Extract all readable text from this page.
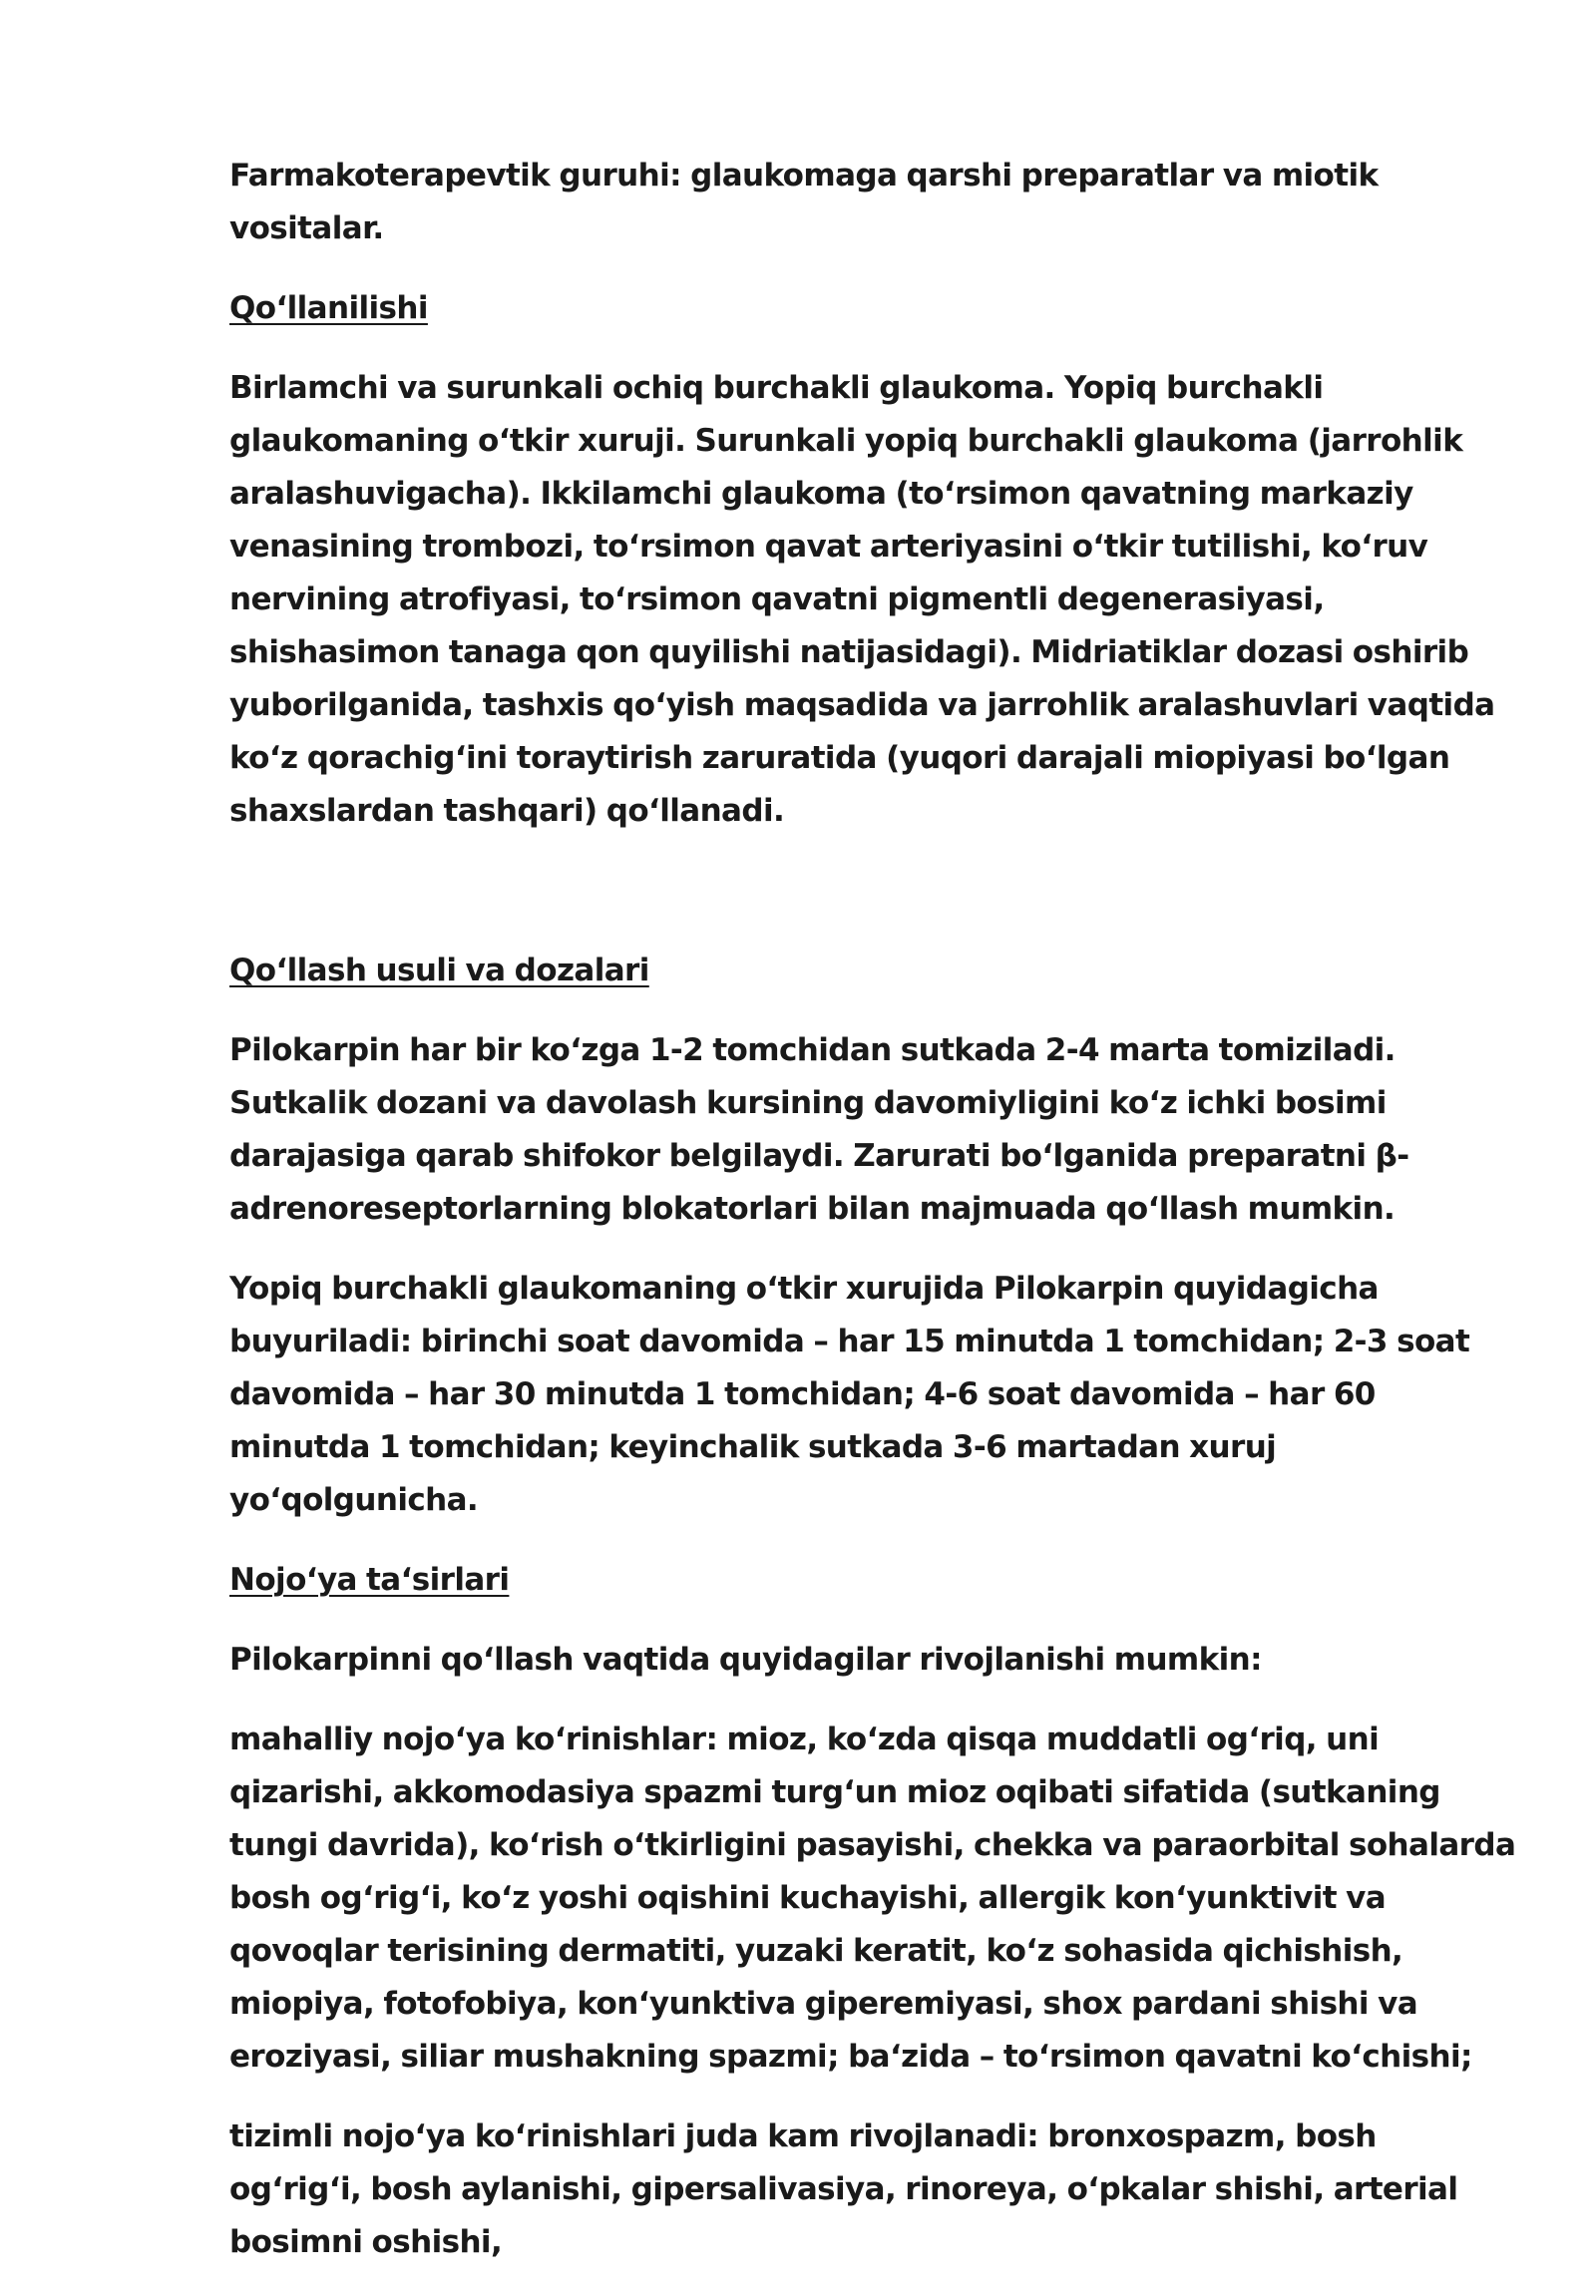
Farmakoterapevtik guruhi: glaukomaga qarshi preparatlar va miotik vositalar.

Qo‘llanilishi

Birlamchi va surunkali ochiq burchakli glaukoma. Yopiq burchakli glaukomaning o‘tkir xuruji. Surunkali yopiq burchakli glaukoma (jarrohlik aralashuvigacha). Ikkilamchi glaukoma (to‘rsimon qavatning markaziy venasining trombozi, to‘rsimon qavat arteriyasini o‘tkir tutilishi, ko‘ruv nervining atrofiyasi, to‘rsimon qavatni pigmentli degenerasiyasi, shishasimon tanaga qon quyilishi natijasidagi). Midriatiklar dozasi oshirib yuborilganida, tashxis qo‘yish maqsadida va jarrohlik aralashuvlari vaqtida ko‘z qorachig‘ini toraytirish zaruratida (yuqori darajali miopiyasi bo‘lgan shaxslardan tashqari) qo‘llanadi.

Qo‘llash usuli va dozalari

Pilokarpin har bir ko‘zga 1-2 tomchidan sutkada 2-4 marta tomiziladi. Sutkalik dozani va davolash kursining davomiyligini ko‘z ichki bosimi darajasiga qarab shifokor belgilaydi. Zarurati bo‘lganida preparatni β-adrenoreseptorlarning blokatorlari bilan majmuada qo‘llash mumkin.

Yopiq burchakli glaukomaning o‘tkir xurujida Pilokarpin quyidagicha buyuriladi: birinchi soat davomida – har 15 minutda 1 tomchidan; 2-3 soat davomida – har 30 minutda 1 tomchidan; 4-6 soat davomida – har 60 minutda 1 tomchidan; keyinchalik sutkada 3-6 martadan xuruj yo‘qolgunicha.

Nojo‘ya ta‘sirlari

Pilokarpinni qo‘llash vaqtida quyidagilar rivojlanishi mumkin:

mahalliy nojo‘ya ko‘rinishlar: mioz, ko‘zda qisqa muddatli og‘riq, uni qizarishi, akkomodasiya spazmi turg‘un mioz oqibati sifatida (sutkaning tungi davrida), ko‘rish o‘tkirligini pasayishi, chekka va paraorbital sohalarda bosh og‘rig‘i, ko‘z yoshi oqishini kuchayishi, allergik kon‘yunktivit va qovoqlar terisining dermatiti, yuzaki keratit, ko‘z sohasida qichishish, miopiya, fotofobiya, kon‘yunktiva giperemiyasi, shox pardani shishi va eroziyasi, siliar mushakning spazmi; ba‘zida – to‘rsimon qavatni ko‘chishi;

tizimli nojo‘ya ko‘rinishlari juda kam rivojlanadi: bronxospazm, bosh og‘rig‘i, bosh aylanishi, gipersalivasiya, rinoreya, o‘pkalar shishi, arterial bosimni oshishi,
